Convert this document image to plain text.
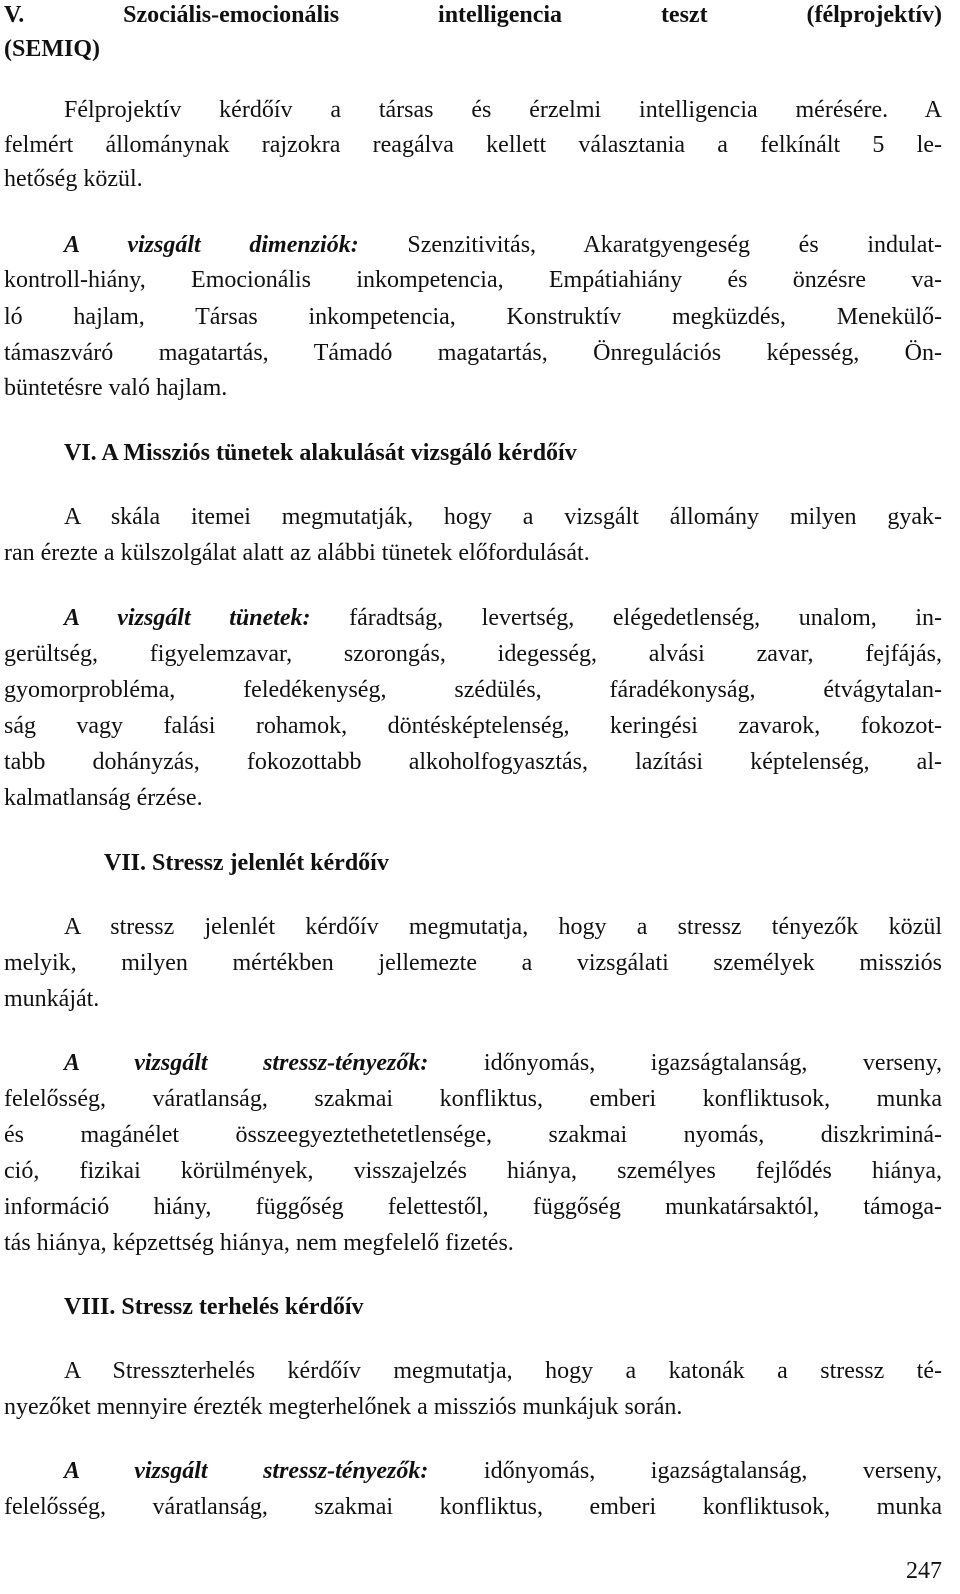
V. Szociális-emocionális intelligencia teszt (félprojektív)
(SEMIQ)
Félprojektív kérdőív a társas és érzelmi intelligencia mérésére. A
felmért állománynak rajzokra reagálva kellett választania a felkínált 5 le-
hetőség közül.
A vizsgált dimenziók: Szenzitivitás, Akaratgyengeség és indulat-
kontroll-hiány, Emocionális inkompetencia, Empátiahiány és önzésre va-
ló hajlam, Társas inkompetencia, Konstruktív megküzdés, Menekülő-
támaszváró magatartás, Támadó magatartás, Önregulációs képesség, Ön-
büntetésre való hajlam.
VI. A Missziós tünetek alakulását vizsgáló kérdőív
A skála itemei megmutatják, hogy a vizsgált állomány milyen gyak-
ran érezte a külszolgálat alatt az alábbi tünetek előfordulását.
A vizsgált tünetek: fáradtság, levertség, elégedetlenség, unalom, in-
gerültség, figyelemzavar, szorongás, idegesség, alvási zavar, fejfájás,
gyomorprobléma, feledékenység, szédülés, fáradékonyság, étvágytalan-
ság vagy falási rohamok, döntésképtelenség, keringési zavarok, fokozot-
tabb dohányzás, fokozottabb alkoholfogyasztás, lazítási képtelenség, al-
kalmatlanság érzése.
VII. Stressz jelenlét kérdőív
A stressz jelenlét kérdőív megmutatja, hogy a stressz tényezők közül
melyik, milyen mértékben jellemezte a vizsgálati személyek missziós
munkáját.
A vizsgált stressz-tényezők: időnyomás, igazságtalanság, verseny,
felelősség, váratlanság, szakmai konfliktus, emberi konfliktusok, munka
és magánélet összeegyeztethetetlensége, szakmai nyomás, diszkriminá-
ció, fizikai körülmények, visszajelzés hiánya, személyes fejlődés hiánya,
információ hiány, függőség felettestől, függőség munkatársaktól, támoga-
tás hiánya, képzettség hiánya, nem megfelelő fizetés.
VIII. Stressz terhelés kérdőív
A Stresszterhelés kérdőív megmutatja, hogy a katonák a stressz té-
nyezőket mennyire érezték megterhelőnek a missziós munkájuk során.
A vizsgált stressz-tényezők: időnyomás, igazságtalanság, verseny,
felelősség, váratlanság, szakmai konfliktus, emberi konfliktusok, munka
247
